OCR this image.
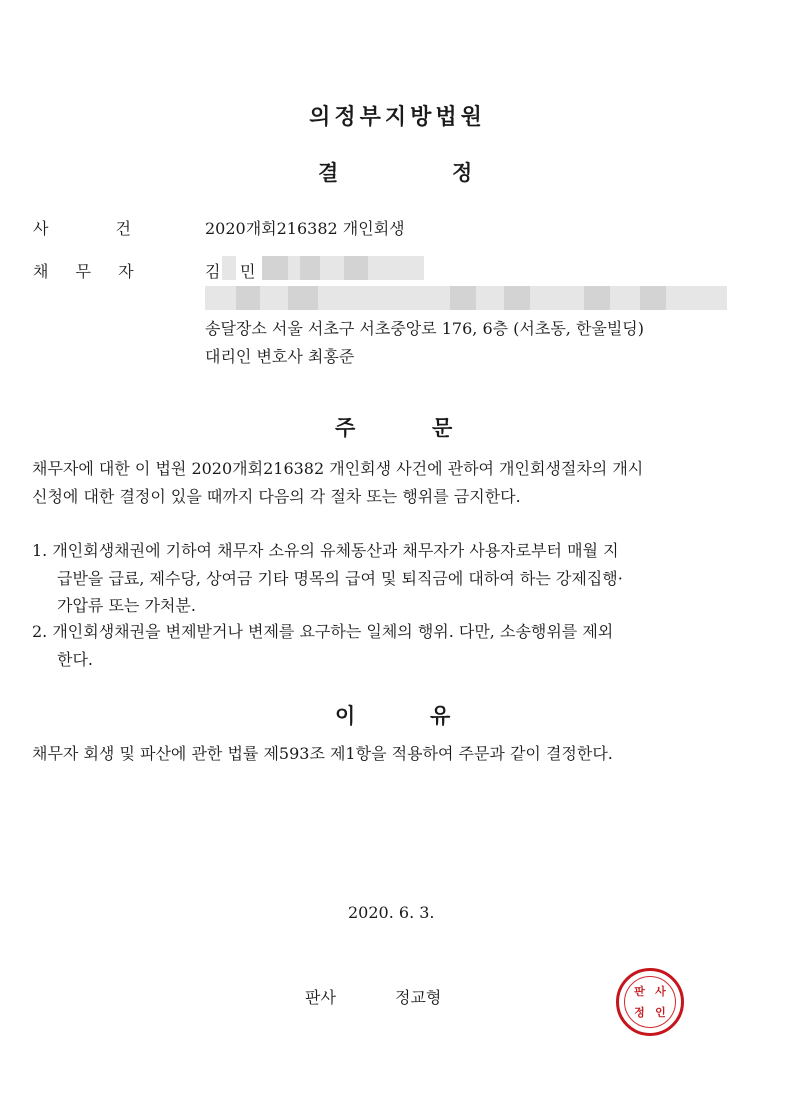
의정부지방법원
결	정
사 건	2020개회216382 개인회생
채 무 자	김 민
송달장소 서울 서초구 서초중앙로 176, 6층 (서초동, 한울빌딩)
대리인 변호사 최홍준
주	문
채무자에 대한 이 법원 2020개회216382 개인회생 사건에 관하여 개인회생절차의 개시
신청에 대한 결정이 있을 때까지 다음의 각 절차 또는 행위를 금지한다.
1. 개인회생채권에 기하여 채무자 소유의 유체동산과 채무자가 사용자로부터 매월 지
급받을 급료, 제수당, 상여금 기타 명목의 급여 및 퇴직금에 대하여 하는 강제집행·
가압류 또는 가처분.
2. 개인회생채권을 변제받거나 변제를 요구하는 일체의 행위. 다만, 소송행위를 제외
한다.
이	유
채무자 회생 및 파산에 관한 법률 제593조 제1항을 적용하여 주문과 같이 결정한다.
2020. 6. 3.
판사	정교형	판 사
정 인
